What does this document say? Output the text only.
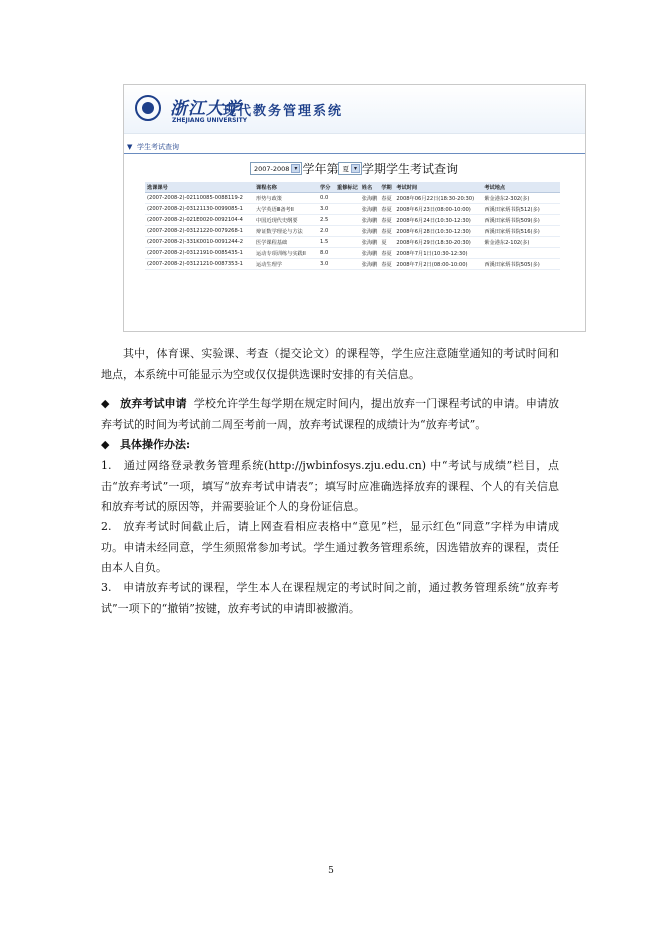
浙江大学
ZHEJIANG UNIVERSITY
现代教务管理系统
▼ 学生考试查询
2007-2008 ▾ 学年第 夏 ▾ 学期学生考试查询
选课课号	课程名称	学分	重修标记	姓名	学期	考试时间	考试地点
(2007-2008-2)-02110085-0088119-2	形势与政策	0.0		张海鹏	春夏	2008年06月22日(18:30-20:30)	紫金港东2-302(多)
(2007-2008-2)-03121130-0099085-1	大学英语Ⅲ备考II	3.0		张海鹏	春夏	2008年6月23日(08:00-10:00)	西溪田家炳书院512(多)
(2007-2008-2)-021E0020-0092104-4	中国近现代史纲要	2.5		张海鹏	春夏	2008年6月24日(10:30-12:30)	西溪田家炳书院509(多)
(2007-2008-2)-03121220-0079268-1	辩证数学理论与方法	2.0		张海鹏	春夏	2008年6月28日(10:30-12:30)	西溪田家炳书院516(多)
(2007-2008-2)-331K0010-0091244-2	医学课程基础	1.5		张海鹏	夏	2008年6月29日(18:30-20:30)	紫金港东2-102(多)
(2007-2008-2)-03121910-0085435-1	运动专项训练与实践II	8.0		张海鹏	春夏	2008年7月1日(10:30-12:30)	
(2007-2008-2)-03121210-0087353-1	运动生理学	3.0		张海鹏	春夏	2008年7月2日(08:00-10:00)	西溪田家炳书院505(多)

其中，体育课、实验课、考查（提交论文）的课程等，学生应注意随堂通知的考试时间和地点，本系统中可能显示为空或仅仅提供选课时安排的有关信息。

◆ 放弃考试申请 学校允许学生每学期在规定时间内，提出放弃一门课程考试的申请。申请放弃考试的时间为考试前二周至考前一周，放弃考试课程的成绩计为“放弃考试”。

◆ 具体操作办法:

1.　通过网络登录教务管理系统(http://jwbinfosys.zju.edu.cn) 中“考试与成绩”栏目，点击“放弃考试”一项，填写“放弃考试申请表”；填写时应准确选择放弃的课程、个人的有关信息和放弃考试的原因等，并需要验证个人的身份证信息。

2.　放弃考试时间截止后，请上网查看相应表格中“意见”栏，显示红色“同意”字样为申请成功。申请未经同意，学生须照常参加考试。学生通过教务管理系统，因选错放弃的课程，责任由本人自负。

3.　申请放弃考试的课程，学生本人在课程规定的考试时间之前，通过教务管理系统“放弃考试”一项下的“撤销”按键，放弃考试的申请即被撤消。

5
